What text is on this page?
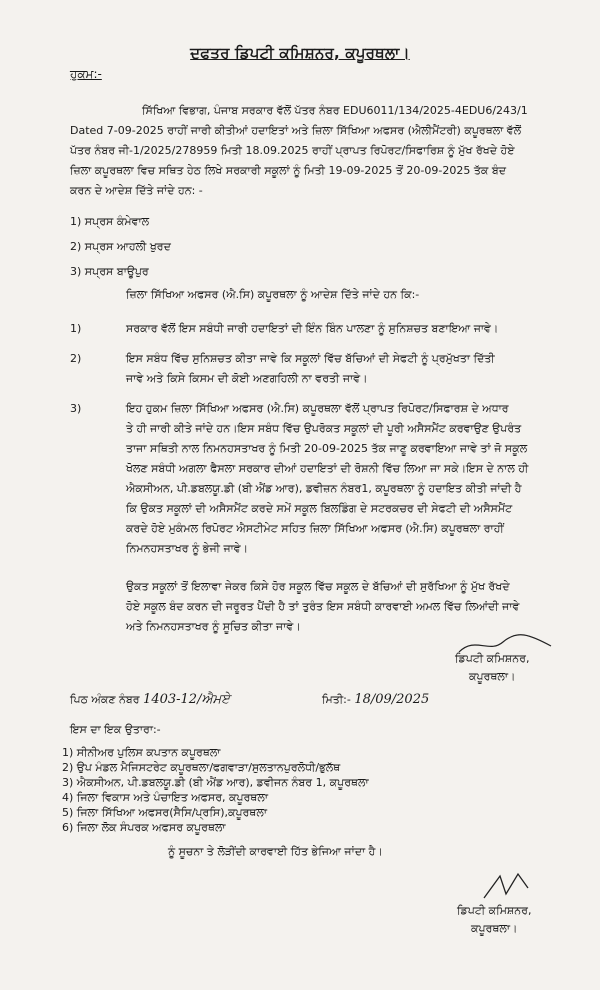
ਦਫਤਰ ਡਿਪਟੀ ਕਮਿਸ਼ਨਰ, ਕਪੂਰਥਲਾ।
ਹੁਕਮ:-

ਸਿੱਖਿਆ ਵਿਭਾਗ, ਪੰਜਾਬ ਸਰਕਾਰ ਵੱਲੋਂ ਪੱਤਰ ਨੰਬਰ EDU6011/134/2025-4EDU6/243/1

Dated 7-09-2025 ਰਾਹੀਂ ਜਾਰੀ ਕੀਤੀਆਂ ਹਦਾਇਤਾਂ ਅਤੇ ਜ਼ਿਲਾ ਸਿੱਖਿਆ ਅਫਸਰ (ਐਲੀਮੈਂਟਰੀ) ਕਪੂਰਥਲਾ ਵੱਲੋਂ

ਪੱਤਰ ਨੰਬਰ ਜੀ-1/2025/278959 ਮਿਤੀ 18.09.2025 ਰਾਹੀਂ ਪ੍ਰਾਪਤ ਰਿਪੋਰਟ/ਸਿਫਾਰਿਸ਼ ਨੂੰ ਮੁੱਖ ਰੱਖਦੇ ਹੋਏ

ਜ਼ਿਲਾ ਕਪੂਰਥਲਾ ਵਿਚ ਸਥਿਤ ਹੇਠ ਲਿਖੇ ਸਰਕਾਰੀ ਸਕੂਲਾਂ ਨੂੰ ਮਿਤੀ 19-09-2025 ਤੋਂ 20-09-2025 ਤੱਕ ਬੰਦ

ਕਰਨ ਦੇ ਆਦੇਸ਼ ਦਿੱਤੇ ਜਾਂਦੇ ਹਨ: -

1) ਸਪ੍ਰਸ ਕੰਮੇਵਾਲ
2) ਸਪ੍ਰਸ ਆਹਲੀ ਖੁਰਦ
3) ਸਪ੍ਰਸ ਬਾਊਪੁਰ
ਜ਼ਿਲਾ ਸਿੱਖਿਆ ਅਫਸਰ (ਐ.ਸਿ) ਕਪੂਰਥਲਾ ਨੂੰ ਆਦੇਸ਼ ਦਿੱਤੇ ਜਾਂਦੇ ਹਨ ਕਿ:-
1)	ਸਰਕਾਰ ਵੱਲੋਂ ਇਸ ਸਬੰਧੀ ਜਾਰੀ ਹਦਾਇਤਾਂ ਦੀ ਇੰਨ ਬਿੰਨ ਪਾਲਣਾ ਨੂੰ ਸੁਨਿਸ਼ਚਤ ਬਣਾਇਆ ਜਾਵੇ।
2)	ਇਸ ਸਬੰਧ ਵਿੱਚ ਸੁਨਿਸ਼ਚਤ ਕੀਤਾ ਜਾਵੇ ਕਿ ਸਕੂਲਾਂ ਵਿੱਚ ਬੱਚਿਆਂ ਦੀ ਸੇਫਟੀ ਨੂੰ ਪ੍ਰਮੁੱਖਤਾ ਦਿੱਤੀ
ਜਾਵੇ ਅਤੇ ਕਿਸੇ ਕਿਸਮ ਦੀ ਕੋਈ ਅਣਗਹਿਲੀ ਨਾ ਵਰਤੀ ਜਾਵੇ।
3)	ਇਹ ਹੁਕਮ ਜ਼ਿਲਾ ਸਿੱਖਿਆ ਅਫਸਰ (ਐ.ਸਿ) ਕਪੂਰਥਲਾ ਵੱਲੋਂ ਪ੍ਰਾਪਤ ਰਿਪੋਰਟ/ਸਿਫਾਰਸ਼ ਦੇ ਅਧਾਰ
ਤੇ ਹੀ ਜਾਰੀ ਕੀਤੇ ਜਾਂਦੇ ਹਨ।ਇਸ ਸਬੰਧ ਵਿੱਚ ਉਪਰੋਕਤ ਸਕੂਲਾਂ ਦੀ ਪੂਰੀ ਅਸੈਸਮੈਂਟ ਕਰਵਾਉਣ ਉਪਰੰਤ
ਤਾਜਾ ਸਥਿਤੀ ਨਾਲ ਨਿਮਨਹਸਤਾਖਰ ਨੂੰ ਮਿਤੀ 20-09-2025 ਤੱਕ ਜਾਣੂ ਕਰਵਾਇਆ ਜਾਵੇ ਤਾਂ ਜੋ ਸਕੂਲ
ਖੋਲਣ ਸਬੰਧੀ ਅਗਲਾ ਫੈਸਲਾ ਸਰਕਾਰ ਦੀਆਂ ਹਦਾਇਤਾਂ ਦੀ ਰੋਸ਼ਨੀ ਵਿੱਚ ਲਿਆ ਜਾ ਸਕੇ।ਇਸ ਦੇ ਨਾਲ ਹੀ
ਐਕਸੀਅਨ, ਪੀ.ਡਬਲਯੂ.ਡੀ (ਬੀ ਐਂਡ ਆਰ), ਡਵੀਜ਼ਨ ਨੰਬਰ1, ਕਪੂਰਥਲਾ ਨੂੰ ਹਦਾਇਤ ਕੀਤੀ ਜਾਂਦੀ ਹੈ
ਕਿ ਉਕਤ ਸਕੂਲਾਂ ਦੀ ਅਸੈਸਮੈਂਟ ਕਰਦੇ ਸਮੇਂ ਸਕੂਲ ਬਿਲਡਿੰਗ ਦੇ ਸਟਰਕਚਰ ਦੀ ਸੇਫਟੀ ਦੀ ਅਸੈਸਮੈਂਟ
ਕਰਦੇ ਹੋਏ ਮੁਕੰਮਲ ਰਿਪੋਰਟ ਐਸਟੀਮੇਟ ਸਹਿਤ ਜ਼ਿਲਾ ਸਿੱਖਿਆ ਅਫਸਰ (ਐ.ਸਿ) ਕਪੂਰਥਲਾ ਰਾਹੀਂ
ਨਿਮਨਹਸਤਾਖਰ ਨੂੰ ਭੇਜੀ ਜਾਵੇ।
ਉਕਤ ਸਕੂਲਾਂ ਤੋਂ ਇਲਾਵਾ ਜੇਕਰ ਕਿਸੇ ਹੋਰ ਸਕੂਲ ਵਿੱਚ ਸਕੂਲ ਦੇ ਬੱਚਿਆਂ ਦੀ ਸੁਰੱਖਿਆ ਨੂੰ ਮੁੱਖ ਰੱਖਦੇ
ਹੋਏ ਸਕੂਲ ਬੰਦ ਕਰਨ ਦੀ ਜਰੂਰਤ ਪੈਂਦੀ ਹੈ ਤਾਂ ਤੁਰੰਤ ਇਸ ਸਬੰਧੀ ਕਾਰਵਾਈ ਅਮਲ ਵਿੱਚ ਲਿਆਂਦੀ ਜਾਵੇ
ਅਤੇ ਨਿਮਨਹਸਤਾਖਰ ਨੂੰ ਸੂਚਿਤ ਕੀਤਾ ਜਾਵੇ।
ਡਿਪਟੀ ਕਮਿਸ਼ਨਰ,
ਕਪੂਰਥਲਾ।
ਪਿਠ ਅੰਕਣ ਨੰਬਰ 1403-12/ਐਮਏ	ਮਿਤੀ:- 18/09/2025
ਇਸ ਦਾ ਇਕ ਉਤਾਰਾ:-
1) ਸੀਨੀਅਰ ਪੁਲਿਸ ਕਪਤਾਨ ਕਪੂਰਥਲਾ
2) ਉਪ ਮੰਡਲ ਮੈਜਿਸਟਰੇਟ ਕਪੂਰਥਲਾ/ਫਗਵਾੜਾ/ਸੁਲਤਾਨਪੁਰਲੋਧੀ/ਭੁਲੱਥ
3) ਐਕਸੀਅਨ, ਪੀ.ਡਬਲਯੂ.ਡੀ (ਬੀ ਐਂਡ ਆਰ), ਡਵੀਜਨ ਨੰਬਰ 1, ਕਪੂਰਥਲਾ
4) ਜਿਲਾ ਵਿਕਾਸ ਅਤੇ ਪੰਚਾਇਤ ਅਫਸਰ, ਕਪੂਰਥਲਾ
5) ਜਿਲਾ ਸਿੱਖਿਆ ਅਫਸਰ(ਸੈਸਿ/ਪ੍ਰਸਿ),ਕਪੂਰਥਲਾ
6) ਜਿਲਾ ਲੋਕ ਸੰਪਰਕ ਅਫਸਰ ਕਪੂਰਥਲਾ
ਨੂੰ ਸੂਚਨਾ ਤੇ ਲੋੜੀਂਦੀ ਕਾਰਵਾਈ ਹਿੱਤ ਭੇਜਿਆ ਜਾਂਦਾ ਹੈ।
ਡਿਪਟੀ ਕਮਿਸ਼ਨਰ,
ਕਪੂਰਥਲਾ।
